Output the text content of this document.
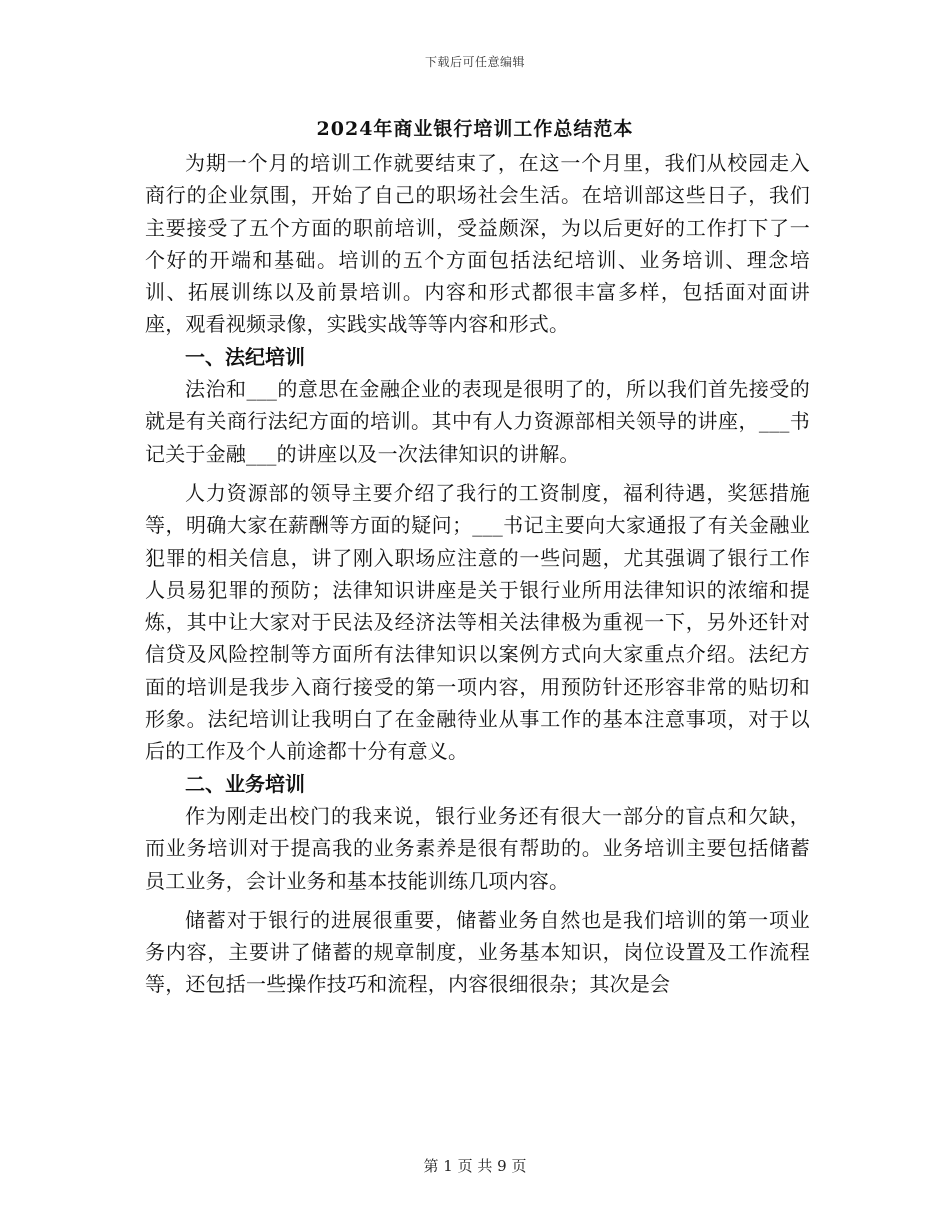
下载后可任意编辑
2024年商业银行培训工作总结范本

为期一个月的培训工作就要结束了，在这一个月里，我们从校园走入商行的企业氛围，开始了自己的职场社会生活。在培训部这些日子，我们主要接受了五个方面的职前培训，受益颇深，为以后更好的工作打下了一个好的开端和基础。培训的五个方面包括法纪培训、业务培训、理念培训、拓展训练以及前景培训。内容和形式都很丰富多样，包括面对面讲座，观看视频录像，实践实战等等内容和形式。

一、法纪培训

法治和___的意思在金融企业的表现是很明了的，所以我们首先接受的就是有关商行法纪方面的培训。其中有人力资源部相关领导的讲座，___书记关于金融___的讲座以及一次法律知识的讲解。

人力资源部的领导主要介绍了我行的工资制度，福利待遇，奖惩措施等，明确大家在薪酬等方面的疑问；___书记主要向大家通报了有关金融业犯罪的相关信息，讲了刚入职场应注意的一些问题，尤其强调了银行工作人员易犯罪的预防；法律知识讲座是关于银行业所用法律知识的浓缩和提炼，其中让大家对于民法及经济法等相关法律极为重视一下，另外还针对信贷及风险控制等方面所有法律知识以案例方式向大家重点介绍。法纪方面的培训是我步入商行接受的第一项内容，用预防针还形容非常的贴切和形象。法纪培训让我明白了在金融待业从事工作的基本注意事项，对于以后的工作及个人前途都十分有意义。

二、业务培训

作为刚走出校门的我来说，银行业务还有很大一部分的盲点和欠缺，而业务培训对于提高我的业务素养是很有帮助的。业务培训主要包括储蓄员工业务，会计业务和基本技能训练几项内容。

储蓄对于银行的进展很重要，储蓄业务自然也是我们培训的第一项业务内容，主要讲了储蓄的规章制度，业务基本知识，岗位设置及工作流程等，还包括一些操作技巧和流程，内容很细很杂；其次是会

第 1 页 共 9 页
